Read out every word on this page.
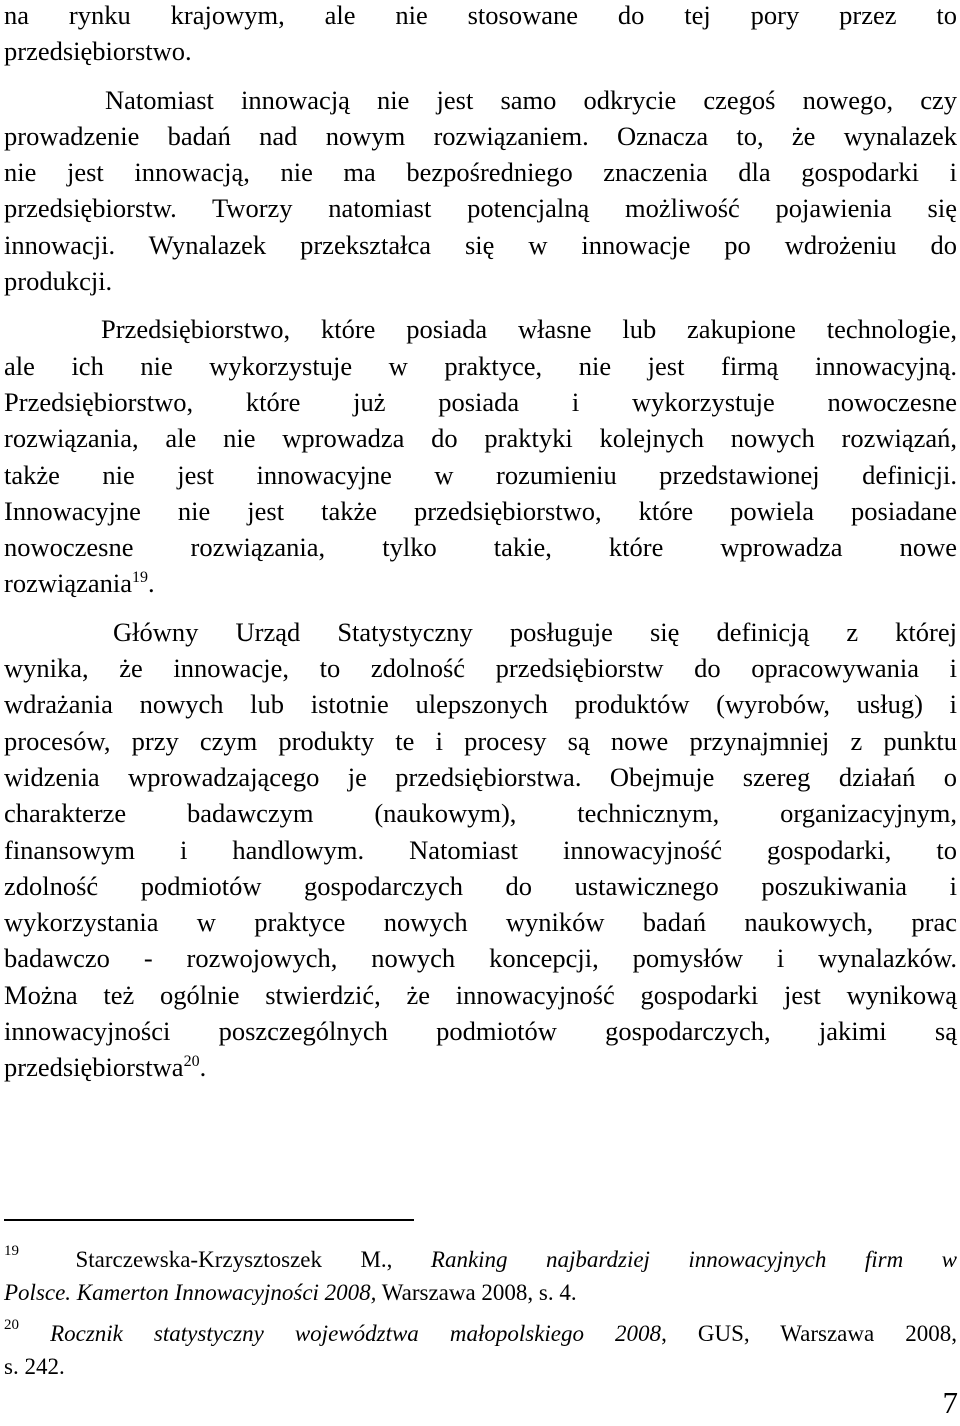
na rynku krajowym, ale nie stosowane do tej pory przez to
przedsiębiorstwo.
Natomiast innowacją nie jest samo odkrycie czegoś nowego, czy
prowadzenie badań nad nowym rozwiązaniem. Oznacza to, że wynalazek
nie jest innowacją, nie ma bezpośredniego znaczenia dla gospodarki i
przedsiębiorstw. Tworzy natomiast potencjalną możliwość pojawienia się
innowacji. Wynalazek przekształca się w innowacje po wdrożeniu do
produkcji.
Przedsiębiorstwo, które posiada własne lub zakupione technologie,
ale ich nie wykorzystuje w praktyce, nie jest firmą innowacyjną.
Przedsiębiorstwo, które już posiada i wykorzystuje nowoczesne
rozwiązania, ale nie wprowadza do praktyki kolejnych nowych rozwiązań,
także nie jest innowacyjne w rozumieniu przedstawionej definicji.
Innowacyjne nie jest także przedsiębiorstwo, które powiela posiadane
nowoczesne rozwiązania, tylko takie, które wprowadza nowe
rozwiązania$^{19}$.
Główny Urząd Statystyczny posługuje się definicją z której
wynika, że innowacje, to zdolność przedsiębiorstw do opracowywania i
wdrażania nowych lub istotnie ulepszonych produktów (wyrobów, usług) i
procesów, przy czym produkty te i procesy są nowe przynajmniej z punktu
widzenia wprowadzającego je przedsiębiorstwa. Obejmuje szereg działań o
charakterze badawczym (naukowym), technicznym, organizacyjnym,
finansowym i handlowym. Natomiast innowacyjność gospodarki, to
zdolność podmiotów gospodarczych do ustawicznego poszukiwania i
wykorzystania w praktyce nowych wyników badań naukowych, prac
badawczo - rozwojowych, nowych koncepcji, pomysłów i wynalazków.
Można też ogólnie stwierdzić, że innowacyjność gospodarki jest wynikową
innowacyjności poszczególnych podmiotów gospodarczych, jakimi są
przedsiębiorstwa$^{20}$.
$^{19}$ Starczewska-Krzysztoszek M., Ranking najbardziej innowacyjnych firm w
Polsce. Kamerton Innowacyjności 2008, Warszawa 2008, s. 4.
$^{20}$ Rocznik statystyczny województwa małopolskiego 2008, GUS, Warszawa 2008,
s. 242.
7
